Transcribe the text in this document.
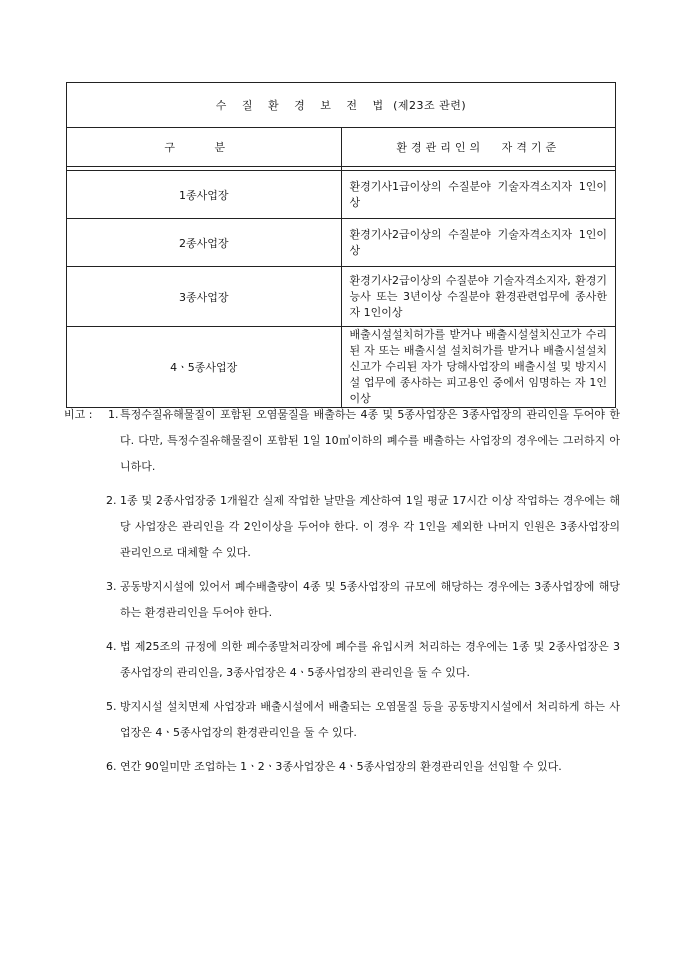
수 질 환 경 보 전 법 (제23조 관련)	
구 분	환경관리인의 자격기준

1종사업장	환경기사1급이상의 수질분야 기술자격소지자 1인이상
2종사업장	환경기사2급이상의 수질분야 기술자격소지자 1인이상
3종사업장	환경기사2급이상의 수질분야 기술자격소지자, 환경기능사 또는 3년이상 수질분야 환경관련업무에 종사한 자 1인이상
4ㆍ5종사업장	배출시설설치허가를 받거나 배출시설설치신고가 수리된 자 또는 배출시설 설치허가를 받거나 배출시설설치신고가 수리된 자가 당해사업장의 배출시설 및 방지시설 업무에 종사하는 피고용인 중에서 임명하는 자 1인 이상
비고 : 1. 특정수질유해물질이 포함된 오염물질을 배출하는 4종 및 5종사업장은 3종사업장의 관리인을 두어야 한다. 다만, 특정수질유해물질이 포함된 1일 10㎥이하의 폐수를 배출하는 사업장의 경우에는 그러하지 아니하다.

2. 1종 및 2종사업장중 1개월간 실제 작업한 날만을 계산하여 1일 평균 17시간 이상 작업하는 경우에는 해당 사업장은 관리인을 각 2인이상을 두어야 한다. 이 경우 각 1인을 제외한 나머지 인원은 3종사업장의 관리인으로 대체할 수 있다.

3. 공동방지시설에 있어서 폐수배출량이 4종 및 5종사업장의 규모에 해당하는 경우에는 3종사업장에 해당하는 환경관리인을 두어야 한다.

4. 법 제25조의 규정에 의한 폐수종말처리장에 폐수를 유입시켜 처리하는 경우에는 1종 및 2종사업장은 3종사업장의 관리인을, 3종사업장은 4ㆍ5종사업장의 관리인을 둘 수 있다.

5. 방지시설 설치면제 사업장과 배출시설에서 배출되는 오염물질 등을 공동방지시설에서 처리하게 하는 사업장은 4ㆍ5종사업장의 환경관리인을 둘 수 있다.

6. 연간 90일미만 조업하는 1ㆍ2ㆍ3종사업장은 4ㆍ5종사업장의 환경관리인을 선임할 수 있다.
